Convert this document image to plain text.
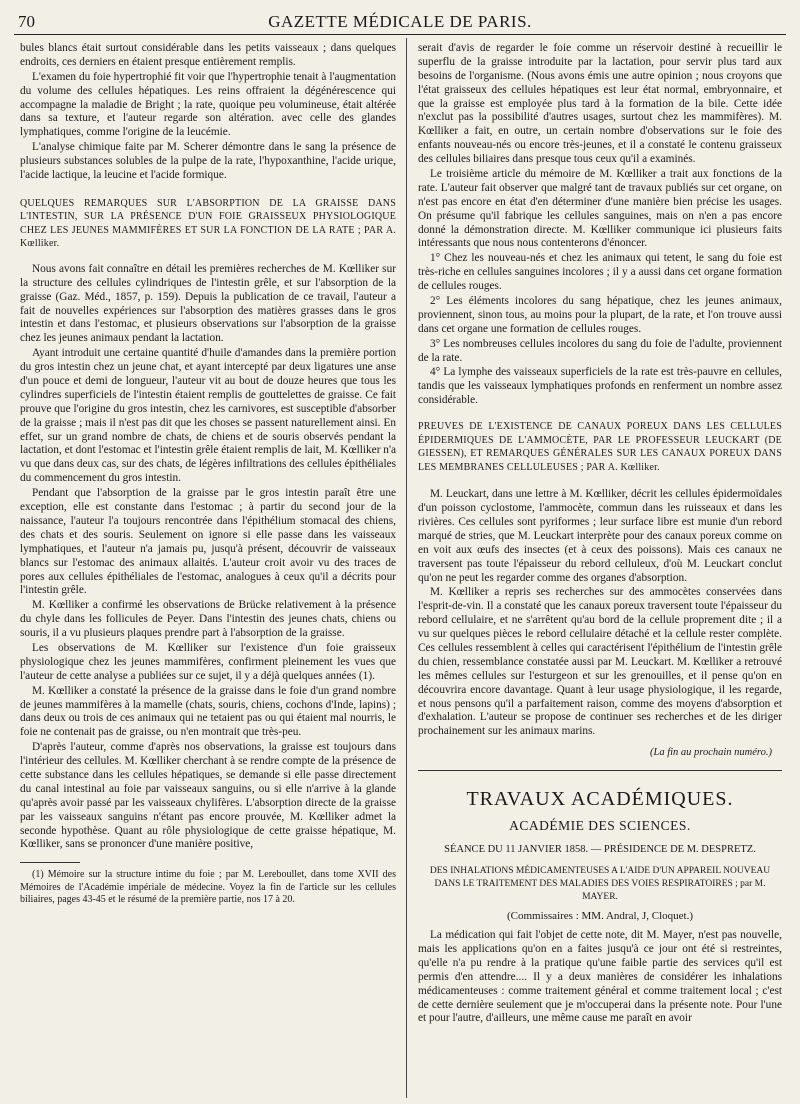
70	GAZETTE MÉDICALE DE PARIS.

bules blancs était surtout considérable dans les petits vaisseaux ; dans quelques endroits, ces derniers en étaient presque entièrement remplis.

L'examen du foie hypertrophié fit voir que l'hypertrophie tenait à l'augmentation du volume des cellules hépatiques. Les reins offraient la dégénérescence qui accompagne la maladie de Bright ; la rate, quoique peu volumineuse, était altérée dans sa texture, et l'auteur regarde son altération. avec celle des glandes lymphatiques, comme l'origine de la leucémie.

L'analyse chimique faite par M. Scherer démontre dans le sang la présence de plusieurs substances solubles de la pulpe de la rate, l'hypoxanthine, l'acide urique, l'acide lactique, la leucine et l'acide formique.

QUELQUES REMARQUES SUR L'ABSORPTION DE LA GRAISSE DANS L'INTESTIN, SUR LA PRÉSENCE D'UN FOIE GRAISSEUX PHYSIOLOGIQUE CHEZ LES JEUNES MAMMIFÈRES ET SUR LA FONCTION DE LA RATE ; PAR A. Kœlliker.

Nous avons fait connaître en détail les premières recherches de M. Kœlliker sur la structure des cellules cylindriques de l'intestin grêle, et sur l'absorption de la graisse (Gaz. Méd., 1857, p. 159). Depuis la publication de ce travail, l'auteur a fait de nouvelles expériences sur l'absorption des matières grasses dans le gros intestin et dans l'estomac, et plusieurs observations sur l'absorption de la graisse chez les jeunes animaux pendant la lactation.

Ayant introduit une certaine quantité d'huile d'amandes dans la première portion du gros intestin chez un jeune chat, et ayant intercepté par deux ligatures une anse d'un pouce et demi de longueur, l'auteur vit au bout de douze heures que tous les cylindres superficiels de l'intestin étaient remplis de gouttelettes de graisse. Ce fait prouve que l'origine du gros intestin, chez les carnivores, est susceptible d'absorber de la graisse ; mais il n'est pas dit que les choses se passent naturellement ainsi. En effet, sur un grand nombre de chats, de chiens et de souris observés pendant la lactation, et dont l'estomac et l'intestin grêle étaient remplis de lait, M. Kœlliker n'a vu que dans deux cas, sur des chats, de légères infiltrations des cellules épithéliales du commencement du gros intestin.

Pendant que l'absorption de la graisse par le gros intestin paraît être une exception, elle est constante dans l'estomac ; à partir du second jour de la naissance, l'auteur l'a toujours rencontrée dans l'épithélium stomacal des chiens, des chats et des souris. Seulement on ignore si elle passe dans les vaisseaux lymphatiques, et l'auteur n'a jamais pu, jusqu'à présent, découvrir de vaisseaux blancs sur l'estomac des animaux allaités. L'auteur croit avoir vu des traces de pores aux cellules épithéliales de l'estomac, analogues à ceux qu'il a décrits pour l'intestin grêle.

M. Kœlliker a confirmé les observations de Brücke relativement à la présence du chyle dans les follicules de Peyer. Dans l'intestin des jeunes chats, chiens ou souris, il a vu plusieurs plaques prendre part à l'absorption de la graisse.

Les observations de M. Kœlliker sur l'existence d'un foie graisseux physiologique chez les jeunes mammifères, confirment pleinement les vues que l'auteur de cette analyse a publiées sur ce sujet, il y a déjà quelques années (1).

M. Kœlliker a constaté la présence de la graisse dans le foie d'un grand nombre de jeunes mammifères à la mamelle (chats, souris, chiens, cochons d'Inde, lapins) ; dans deux ou trois de ces animaux qui ne tetaient pas ou qui étaient mal nourris, le foie ne contenait pas de graisse, ou n'en montrait que très-peu.

D'après l'auteur, comme d'après nos observations, la graisse est toujours dans l'intérieur des cellules. M. Kœlliker cherchant à se rendre compte de la présence de cette substance dans les cellules hépatiques, se demande si elle passe directement du canal intestinal au foie par vaisseaux sanguins, ou si elle n'arrive à la glande qu'après avoir passé par les vaisseaux chylifères. L'absorption directe de la graisse par les vaisseaux sanguins n'étant pas encore prouvée, M. Kœlliker admet la seconde hypothèse. Quant au rôle physiologique de cette graisse hépatique, M. Kœlliker, sans se prononcer d'une manière positive,

(1) Mémoire sur la structure intime du foie ; par M. Lereboullet, dans tome XVII des Mémoires de l'Académie impériale de médecine. Voyez la fin de l'article sur les cellules biliaires, pages 43-45 et le résumé de la première partie, nos 17 à 20.

serait d'avis de regarder le foie comme un réservoir destiné à recueillir le superflu de la graisse introduite par la lactation, pour servir plus tard aux besoins de l'organisme. (Nous avons émis une autre opinion ; nous croyons que l'état graisseux des cellules hépatiques est leur état normal, embryonnaire, et que la graisse est employée plus tard à la formation de la bile. Cette idée n'exclut pas la possibilité d'autres usages, surtout chez les mammifères). M. Kœlliker a fait, en outre, un certain nombre d'observations sur le foie des enfants nouveau-nés ou encore très-jeunes, et il a constaté le contenu graisseux des cellules biliaires dans presque tous ceux qu'il a examinés.

Le troisième article du mémoire de M. Kœlliker a trait aux fonctions de la rate. L'auteur fait observer que malgré tant de travaux publiés sur cet organe, on n'est pas encore en état d'en déterminer d'une manière bien précise les usages. On présume qu'il fabrique les cellules sanguines, mais on n'en a pas encore donné la démonstration directe. M. Kœlliker communique ici plusieurs faits intéressants que nous nous contenterons d'énoncer.

1° Chez les nouveau-nés et chez les animaux qui tetent, le sang du foie est très-riche en cellules sanguines incolores ; il y a aussi dans cet organe formation de cellules rouges.

2° Les éléments incolores du sang hépatique, chez les jeunes animaux, proviennent, sinon tous, au moins pour la plupart, de la rate, et l'on trouve aussi dans cet organe une formation de cellules rouges.

3° Les nombreuses cellules incolores du sang du foie de l'adulte, proviennent de la rate.

4° La lymphe des vaisseaux superficiels de la rate est très-pauvre en cellules, tandis que les vaisseaux lymphatiques profonds en renferment un nombre assez considérable.

PREUVES DE L'EXISTENCE DE CANAUX POREUX DANS LES CELLULES ÉPIDERMIQUES DE L'AMMOCÈTE, PAR LE PROFESSEUR LEUCKART (DE GIESSEN), ET REMARQUES GÉNÉRALES SUR LES CANAUX POREUX DANS LES MEMBRANES CELLULEUSES ; PAR A. Kœlliker.

M. Leuckart, dans une lettre à M. Kœlliker, décrit les cellules épidermoïdales d'un poisson cyclostome, l'ammocète, commun dans les ruisseaux et dans les rivières. Ces cellules sont pyriformes ; leur surface libre est munie d'un rebord marqué de stries, que M. Leuckart interprète pour des canaux poreux comme on en voit aux œufs des insectes (et à ceux des poissons). Mais ces canaux ne traversent pas toute l'épaisseur du rebord celluleux, d'où M. Leuckart conclut qu'on ne peut les regarder comme des organes d'absorption.

M. Kœlliker a repris ses recherches sur des ammocètes conservées dans l'esprit-de-vin. Il a constaté que les canaux poreux traversent toute l'épaisseur du rebord cellulaire, et ne s'arrêtent qu'au bord de la cellule proprement dite ; il a vu sur quelques pièces le rebord cellulaire détaché et la cellule rester complète. Ces cellules ressemblent à celles qui caractérisent l'épithélium de l'intestin grêle du chien, ressemblance constatée aussi par M. Leuckart. M. Kœlliker a retrouvé les mêmes cellules sur l'esturgeon et sur les grenouilles, et il pense qu'on en découvrira encore davantage. Quant à leur usage physiologique, il les regarde, et nous pensons qu'il a parfaitement raison, comme des moyens d'absorption et d'exhalation. L'auteur se propose de continuer ses recherches et de les diriger prochainement sur les animaux marins.

(La fin au prochain numéro.)
TRAVAUX ACADÉMIQUES.
ACADÉMIE DES SCIENCES.
SÉANCE DU 11 JANVIER 1858. — PRÉSIDENCE DE M. DESPRETZ.
DES INHALATIONS MÉDICAMENTEUSES A L'AIDE D'UN APPAREIL NOUVEAU DANS LE TRAITEMENT DES MALADIES DES VOIES RESPIRATOIRES ; par M. MAYER.
(Commissaires : MM. Andral, J, Cloquet.)

La médication qui fait l'objet de cette note, dit M. Mayer, n'est pas nouvelle, mais les applications qu'on en a faites jusqu'à ce jour ont été si restreintes, qu'elle n'a pu rendre à la pratique qu'une faible partie des services qu'il est permis d'en attendre.... Il y a deux manières de considérer les inhalations médicamenteuses : comme traitement général et comme traitement local ; c'est de cette dernière seulement que je m'occuperai dans la présente note. Pour l'une et pour l'autre, d'ailleurs, une même cause me paraît en avoir
